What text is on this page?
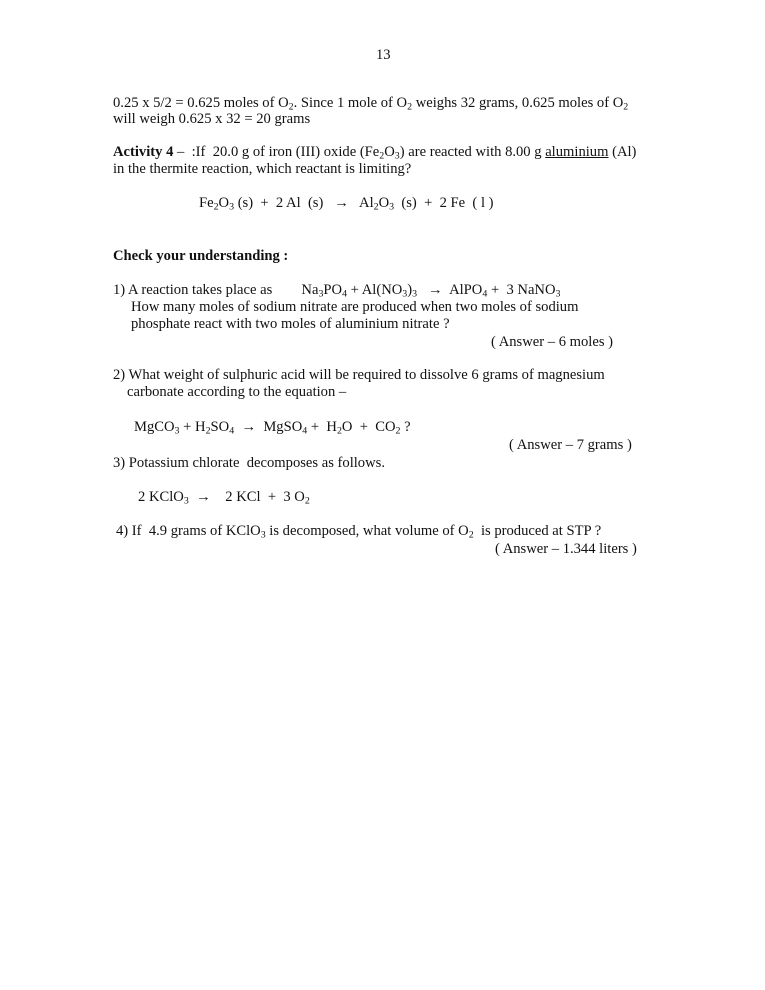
13
0.25 x 5/2 = 0.625 moles of $O_2$. Since 1 mole of $O_2$ weighs 32 grams, 0.625 moles of $O_2$
will weigh 0.625 x 32 = 20 grams
Activity 4 –  :If  20.0 g of iron (III) oxide $(Fe_2O_3)$ are reacted with 8.00 g aluminium (Al)
in the thermite reaction, which reactant is limiting?
$Fe_2O_3$ (s)  +  2 Al  $(s) \to Al_2O_3$  (s)  +  2 Fe  ( l )
Check your understanding :
1) A reaction takes place as        $Na_3PO_4 + Al(NO_3)_3$   →  AlPO$_4$ +  3 NaNO$_3$
How many moles of sodium nitrate are produced when two moles of sodium
phosphate react with two moles of aluminium nitrate ?
( Answer – 6 moles )
2) What weight of sulphuric acid will be required to dissolve 6 grams of magnesium
carbonate according to the equation –
MgCO$_3$ + $H_2SO_4$  →  MgSO$_4$ +  $H_2O + CO_2$ ?
( Answer – 7 grams )
3) Potassium chlorate  decomposes as follows.
2 KClO$_3$  →    2 KCl  +  3 $O_2$
4) If  4.9 grams of KClO$_3$ is decomposed, what volume of $O_2$  is produced at STP ?
( Answer – 1.344 liters )
